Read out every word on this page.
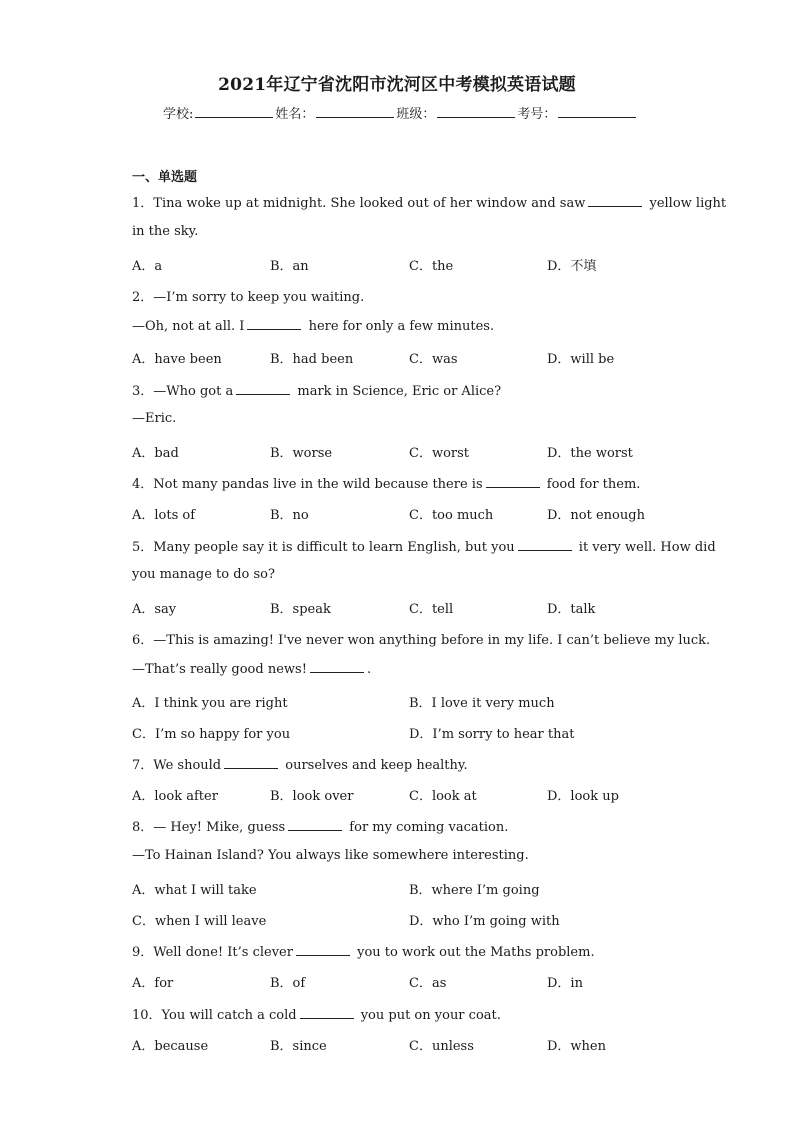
2021年辽宁省沈阳市沈河区中考模拟英语试题
学校:	姓名：	班级：	考号：
一、单选题
1．Tina woke up at midnight. She looked out of her window and saw	yellow light
in the sky.
A．a	B．an	C．the	D．不填
2．—I’m sorry to keep you waiting.
—Oh, not at all. I	here for only a few minutes.
A．have been	B．had been	C．was	D．will be
3．—Who got a	mark in Science, Eric or Alice?
—Eric.
A．bad	B．worse	C．worst	D．the worst
4．Not many pandas live in the wild because there is	food for them.
A．lots of	B．no	C．too much	D．not enough
5．Many people say it is difficult to learn English, but you	it very well. How did
you manage to do so?
A．say	B．speak	C．tell	D．talk
6．—This is amazing! I've never won anything before in my life. I can’t believe my luck.
—That’s really good news!	.
A．I think you are right	B．I love it very much
C．I’m so happy for you	D．I’m sorry to hear that
7．We should	ourselves and keep healthy.
A．look after	B．look over	C．look at	D．look up
8．— Hey! Mike, guess	for my coming vacation.
—To Hainan Island? You always like somewhere interesting.
A．what I will take	B．where I’m going
C．when I will leave	D．who I’m going with
9．Well done! It’s clever	you to work out the Maths problem.
A．for	B．of	C．as	D．in
10．You will catch a cold	you put on your coat.
A．because	B．since	C．unless	D．when
